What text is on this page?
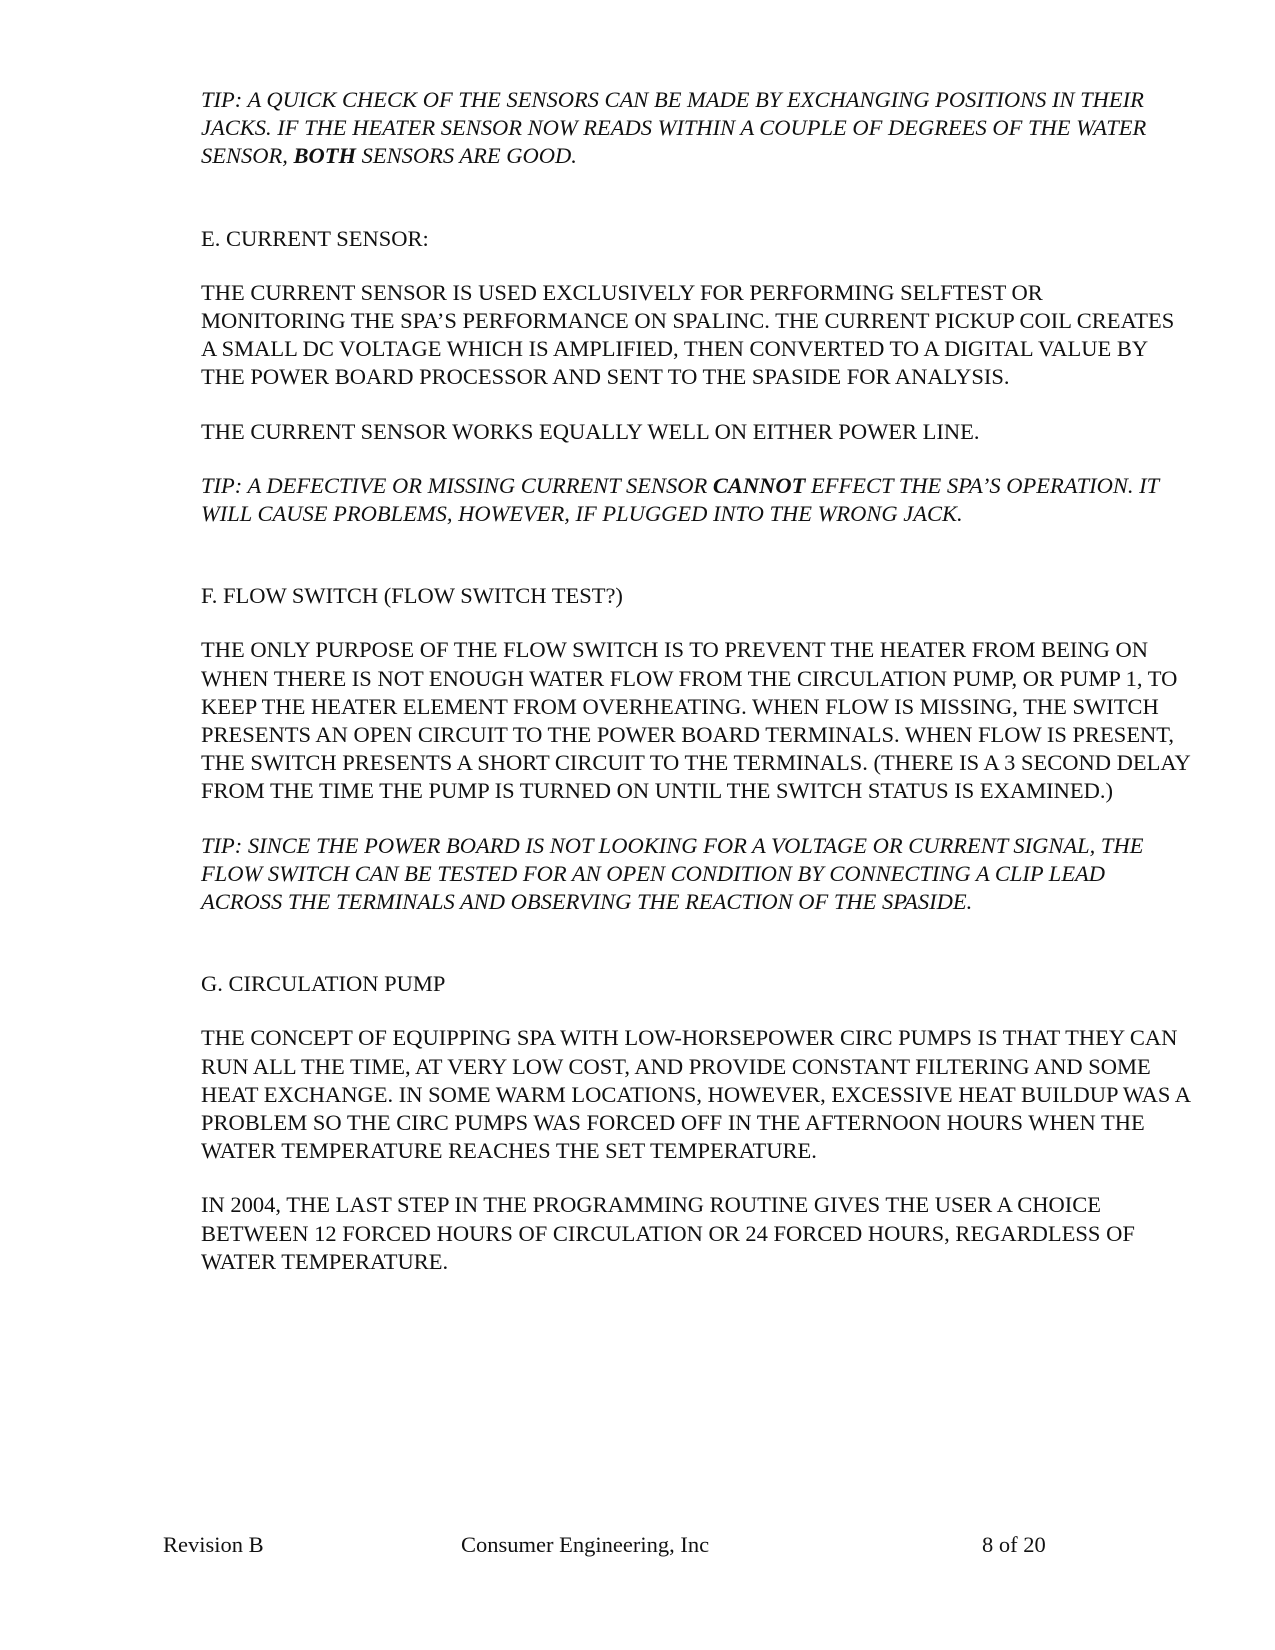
TIP: A QUICK CHECK OF THE SENSORS CAN BE MADE BY EXCHANGING POSITIONS IN THEIR JACKS. IF THE HEATER SENSOR NOW READS WITHIN A COUPLE OF DEGREES OF THE WATER SENSOR, BOTH SENSORS ARE GOOD.

E. CURRENT SENSOR:

THE CURRENT SENSOR IS USED EXCLUSIVELY FOR PERFORMING SELFTEST OR MONITORING THE SPA’S PERFORMANCE ON SPALINC. THE CURRENT PICKUP COIL CREATES A SMALL DC VOLTAGE WHICH IS AMPLIFIED, THEN CONVERTED TO A DIGITAL VALUE BY THE POWER BOARD PROCESSOR AND SENT TO THE SPASIDE FOR ANALYSIS.

THE CURRENT SENSOR WORKS EQUALLY WELL ON EITHER POWER LINE.

TIP: A DEFECTIVE OR MISSING CURRENT SENSOR CANNOT EFFECT THE SPA’S OPERATION. IT WILL CAUSE PROBLEMS, HOWEVER, IF PLUGGED INTO THE WRONG JACK.

F. FLOW SWITCH (FLOW SWITCH TEST?)

THE ONLY PURPOSE OF THE FLOW SWITCH IS TO PREVENT THE HEATER FROM BEING ON WHEN THERE IS NOT ENOUGH WATER FLOW FROM THE CIRCULATION PUMP, OR PUMP 1, TO KEEP THE HEATER ELEMENT FROM OVERHEATING. WHEN FLOW IS MISSING, THE SWITCH PRESENTS AN OPEN CIRCUIT TO THE POWER BOARD TERMINALS. WHEN FLOW IS PRESENT, THE SWITCH PRESENTS A SHORT CIRCUIT TO THE TERMINALS. (THERE IS A 3 SECOND DELAY FROM THE TIME THE PUMP IS TURNED ON UNTIL THE SWITCH STATUS IS EXAMINED.)

TIP: SINCE THE POWER BOARD IS NOT LOOKING FOR A VOLTAGE OR CURRENT SIGNAL, THE FLOW SWITCH CAN BE TESTED FOR AN OPEN CONDITION BY CONNECTING A CLIP LEAD ACROSS THE TERMINALS AND OBSERVING THE REACTION OF THE SPASIDE.

G. CIRCULATION PUMP

THE CONCEPT OF EQUIPPING SPA WITH LOW-HORSEPOWER CIRC PUMPS IS THAT THEY CAN RUN ALL THE TIME, AT VERY LOW COST, AND PROVIDE CONSTANT FILTERING AND SOME HEAT EXCHANGE. IN SOME WARM LOCATIONS, HOWEVER, EXCESSIVE HEAT BUILDUP WAS A PROBLEM SO THE CIRC PUMPS WAS FORCED OFF IN THE AFTERNOON HOURS WHEN THE WATER TEMPERATURE REACHES THE SET TEMPERATURE.

IN 2004, THE LAST STEP IN THE PROGRAMMING ROUTINE GIVES THE USER A CHOICE BETWEEN 12 FORCED HOURS OF CIRCULATION OR 24 FORCED HOURS, REGARDLESS OF WATER TEMPERATURE.

Revision B	Consumer Engineering, Inc	8 of 20
